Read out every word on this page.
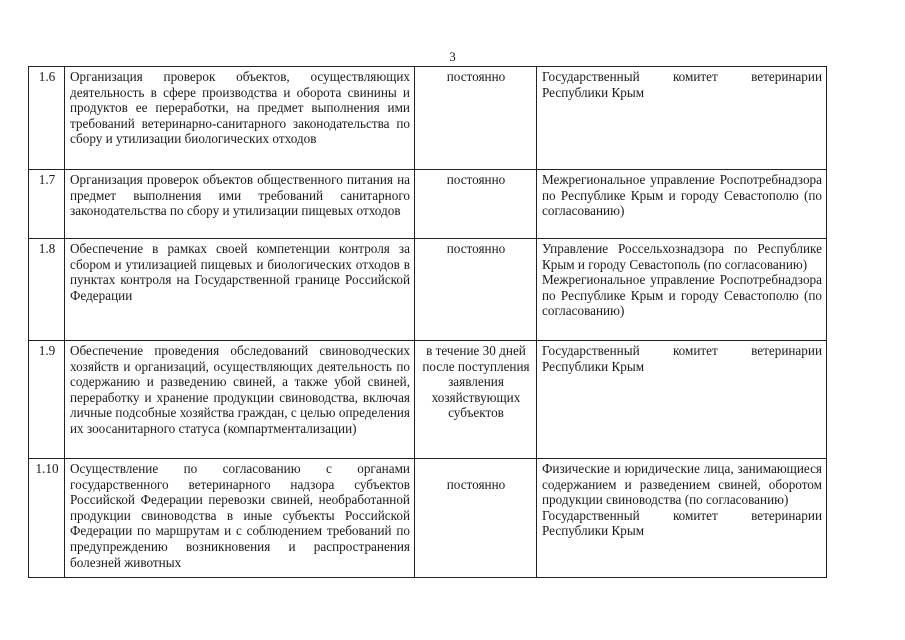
3
1.6	Организация проверок объектов, осуществляющих деятельность в сфере производства и оборота свинины и продуктов ее переработки, на предмет выполнения ими требований ветеринарно-санитарного законодательства по сбору и утилизации биологических отходов	постоянно	Государственный комитет ветеринарии Республики Крым

1.7	Организация проверок объектов общественного питания на предмет выполнения ими требований санитарного законодательства по сбору и утилизации пищевых отходов	постоянно	Межрегиональное управление Роспотребнадзора по Республике Крым и городу Севастополю (по согласованию)

1.8	Обеспечение в рамках своей компетенции контроля за сбором и утилизацией пищевых и биологических отходов в пунктах контроля на Государственной границе Российской Федерации	постоянно	Управление Россельхознадзора по Республике Крым и городу Севастополь (по согласованию)
Межрегиональное управление Роспотребнадзора по Республике Крым и городу Севастополю (по согласованию)

1.9	Обеспечение проведения обследований свиноводческих хозяйств и организаций, осуществляющих деятельность по содержанию и разведению свиней, а также убой свиней, переработку и хранение продукции свиноводства, включая личные подсобные хозяйства граждан, с целью определения их зоосанитарного статуса (компартментализации)	в течение 30 дней после поступления заявления хозяйствующих субъектов	Государственный комитет ветеринарии Республики Крым

1.10	Осуществление по согласованию с органами государственного ветеринарного надзора субъектов Российской Федерации перевозки свиней, необработанной продукции свиноводства в иные субъекты Российской Федерации по маршрутам и с соблюдением требований по предупреждению возникновения и распространения болезней животных	постоянно	Физические и юридические лица, занимающиеся содержанием и разведением свиней, оборотом продукции свиноводства (по согласованию)
Государственный комитет ветеринарии Республики Крым
